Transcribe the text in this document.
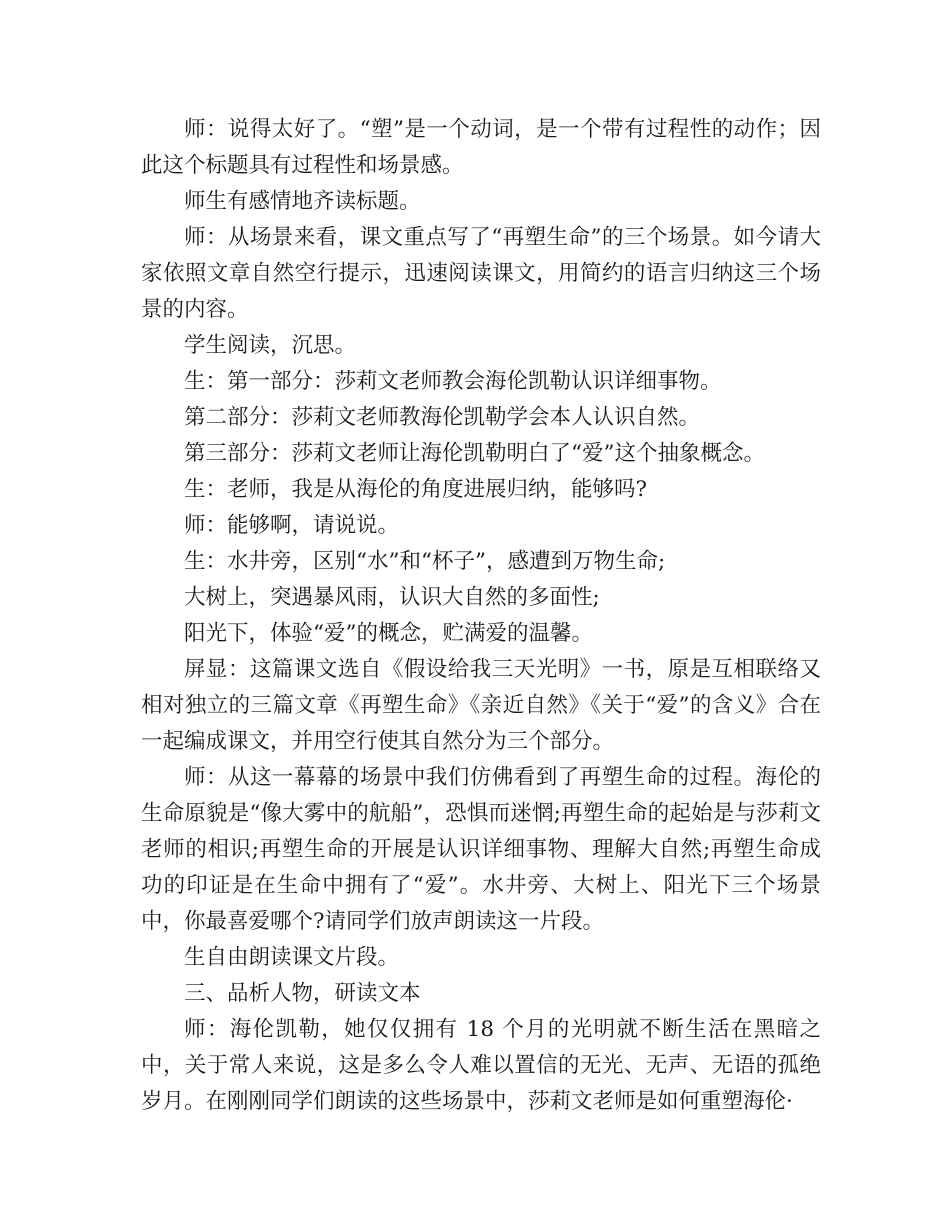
师：说得太好了。“塑”是一个动词，是一个带有过程性的动作；因此这个标题具有过程性和场景感。

师生有感情地齐读标题。

师：从场景来看，课文重点写了“再塑生命”的三个场景。如今请大家依照文章自然空行提示，迅速阅读课文，用简约的语言归纳这三个场景的内容。

学生阅读，沉思。

生：第一部分：莎莉文老师教会海伦凯勒认识详细事物。

第二部分：莎莉文老师教海伦凯勒学会本人认识自然。

第三部分：莎莉文老师让海伦凯勒明白了“爱”这个抽象概念。

生：老师，我是从海伦的角度进展归纳，能够吗?

师：能够啊，请说说。

生：水井旁，区别“水”和“杯子”，感遭到万物生命;

大树上，突遇暴风雨，认识大自然的多面性;

阳光下，体验“爱”的概念，贮满爱的温馨。

屏显：这篇课文选自《假设给我三天光明》一书，原是互相联络又相对独立的三篇文章《再塑生命》《亲近自然》《关于“爱”的含义》合在一起编成课文，并用空行使其自然分为三个部分。

师：从这一幕幕的场景中我们仿佛看到了再塑生命的过程。海伦的生命原貌是“像大雾中的航船”，恐惧而迷惘;再塑生命的起始是与莎莉文老师的相识;再塑生命的开展是认识详细事物、理解大自然;再塑生命成功的印证是在生命中拥有了“爱”。水井旁、大树上、阳光下三个场景中，你最喜爱哪个?请同学们放声朗读这一片段。

生自由朗读课文片段。

三、品析人物，研读文本

师：海伦凯勒，她仅仅拥有 18 个月的光明就不断生活在黑暗之中，关于常人来说，这是多么令人难以置信的无光、无声、无语的孤绝岁月。在刚刚同学们朗读的这些场景中，莎莉文老师是如何重塑海伦·
